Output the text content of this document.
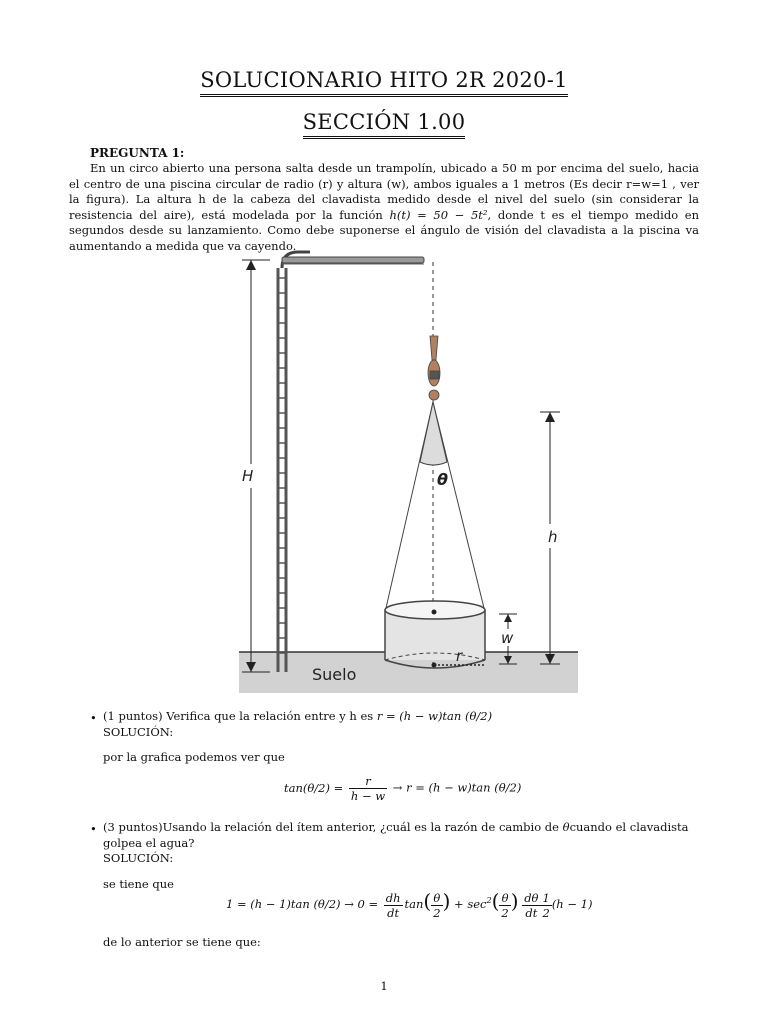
SOLUCIONARIO HITO 2R 2020-1
SECCIÓN 1.00
PREGUNTA 1:
En un circo abierto una persona salta desde un trampolín, ubicado a 50 m por encima del suelo, hacia el centro de una piscina circular de radio (r) y altura (w), ambos iguales a 1 metros (Es decir r=w=1 , ver la figura). La altura h de la cabeza del clavadista medido desde el nivel del suelo (sin considerar la resistencia del aire), está modelada por la función h(t) = 50 − 5t², donde t es el tiempo medido en segundos desde su lanzamiento. Como debe suponerse el ángulo de visión del clavadista a la piscina va aumentando a medida que va cayendo.
Suelo
H	θ
r
w
h
• (1 puntos) Verifica que la relación entre y h es r = (h − w)tan (θ/2)
SOLUCIÓN:
por la grafica podemos ver que
$\tan(\theta/2) = \frac{r}{h - w} \to r = (h - w)\tan$ (θ/2)
• (3 puntos)Usando la relación del ítem anterior, ¿cuál es la razón de cambio de θcuando el clavadista golpea el agua?
SOLUCIÓN:
se tiene que
1 = (h − 1)tan $(\theta/2) \to 0 = \frac{dh}{dt} \tan( \frac{\theta}{2}$ ) + $\sec^2( \frac{\theta}{2}$ ) $\frac{d\theta}{dt} \frac{1}{2} (h - 1)$
de lo anterior se tiene que:
1
